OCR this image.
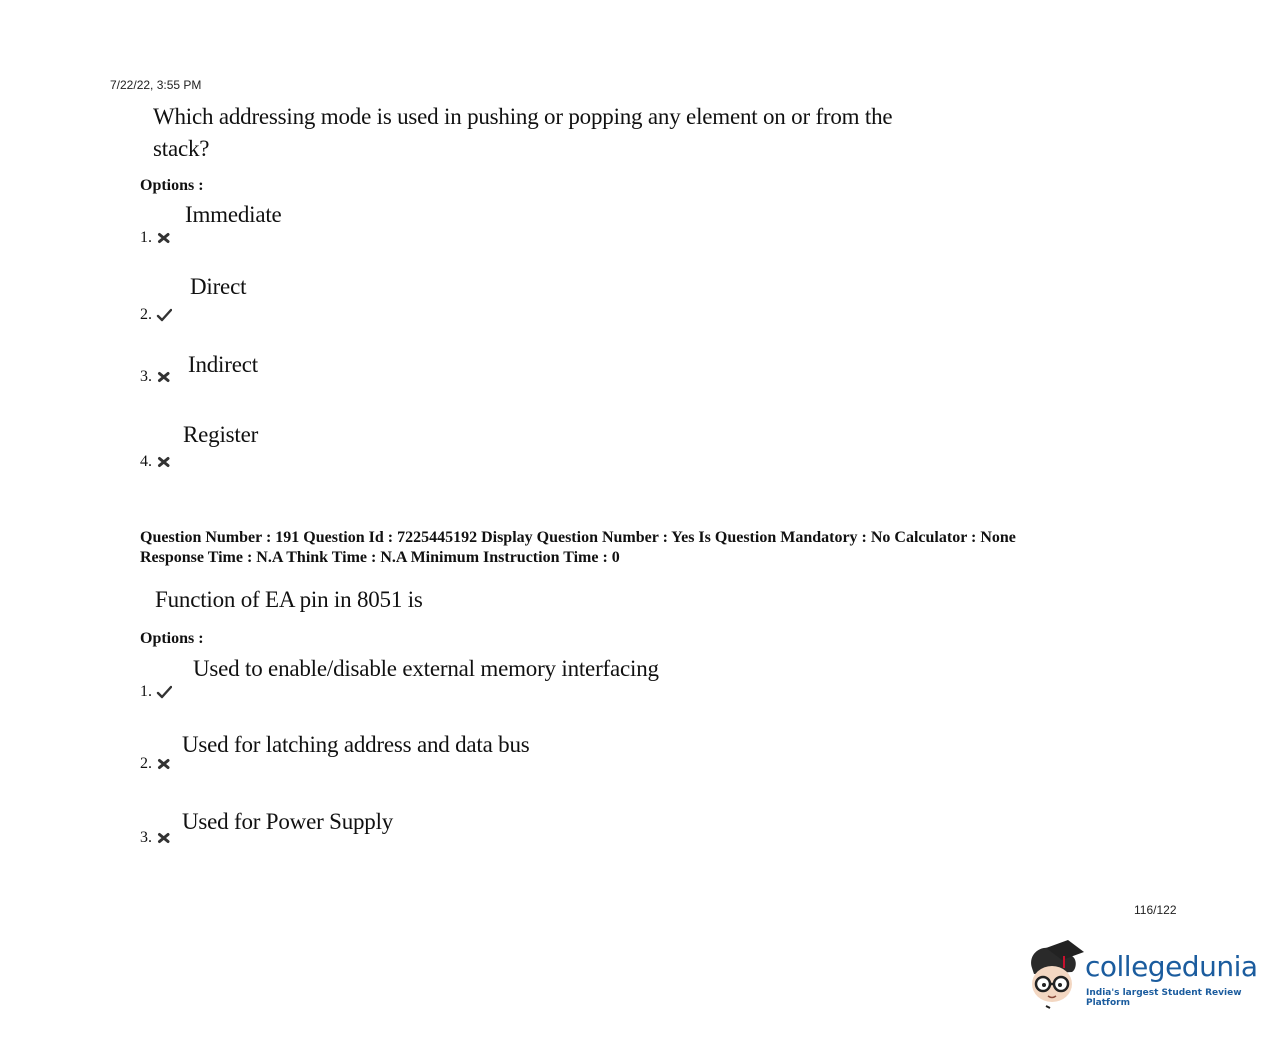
7/22/22, 3:55 PM
Which addressing mode is used in pushing or popping any element on or from the
stack?
Options :
Immediate
1.
Direct
2.
Indirect
3.
Register
4.
Question Number : 191 Question Id : 7225445192 Display Question Number : Yes Is Question Mandatory : No Calculator : None
Response Time : N.A Think Time : N.A Minimum Instruction Time : 0
Function of EA pin in 8051 is
Options :
Used to enable/disable external memory interfacing
1.
Used for latching address and data bus
2.
Used for Power Supply
3.
116/122
collegedunia
India's largest Student Review Platform
